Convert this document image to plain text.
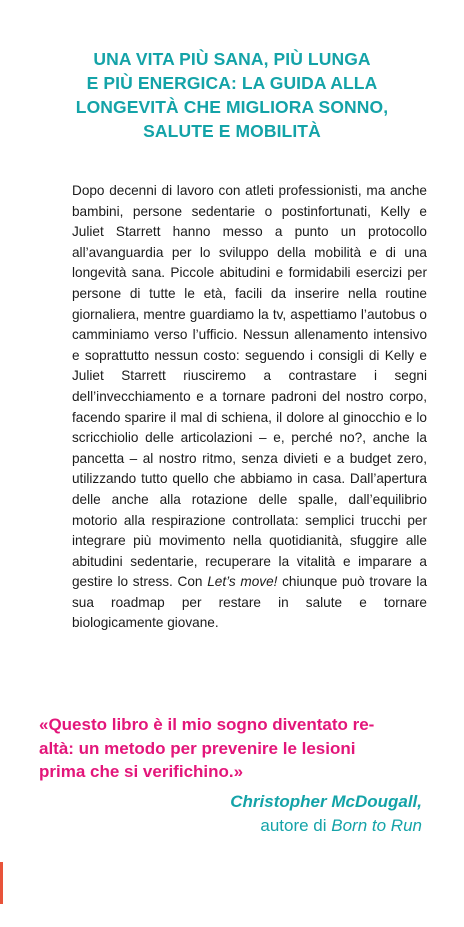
UNA VITA PIÙ SANA, PIÙ LUNGA
E PIÙ ENERGICA: LA GUIDA ALLA
LONGEVITÀ CHE MIGLIORA SONNO,
SALUTE E MOBILITÀ
Dopo decenni di lavoro con atleti professionisti, ma anche bambini, persone sedentarie o postinfortunati, Kelly e Juliet Starrett hanno messo a punto un protocollo all’avanguardia per lo sviluppo della mobilità e di una longevità sana. Piccole abitudini e formidabili esercizi per persone di tutte le età, facili da inserire nella routine giornaliera, mentre guardiamo la tv, aspettiamo l’autobus o camminiamo verso l’ufficio. Nessun allenamento intensivo e soprattutto nessun costo: seguendo i consigli di Kelly e Juliet Starrett riusciremo a contrastare i segni dell’invecchiamento e a tornare padroni del nostro corpo, facendo sparire il mal di schiena, il dolore al ginocchio e lo scricchiolio delle articolazioni – e, perché no?, anche la pancetta – al nostro ritmo, senza divieti e a budget zero, utilizzando tutto quello che abbiamo in casa. Dall’apertura delle anche alla rotazione delle spalle, dall’equilibrio motorio alla respirazione controllata: semplici trucchi per integrare più movimento nella quotidianità, sfuggire alle abitudini sedentarie, recuperare la vitalità e imparare a gestire lo stress. Con Let’s move! chiunque può trovare la sua roadmap per restare in salute e tornare biologicamente giovane.
«Questo libro è il mio sogno diventato re-
altà: un metodo per prevenire le lesioni
prima che si verifichino.»
Christopher McDougall,
autore di Born to Run
